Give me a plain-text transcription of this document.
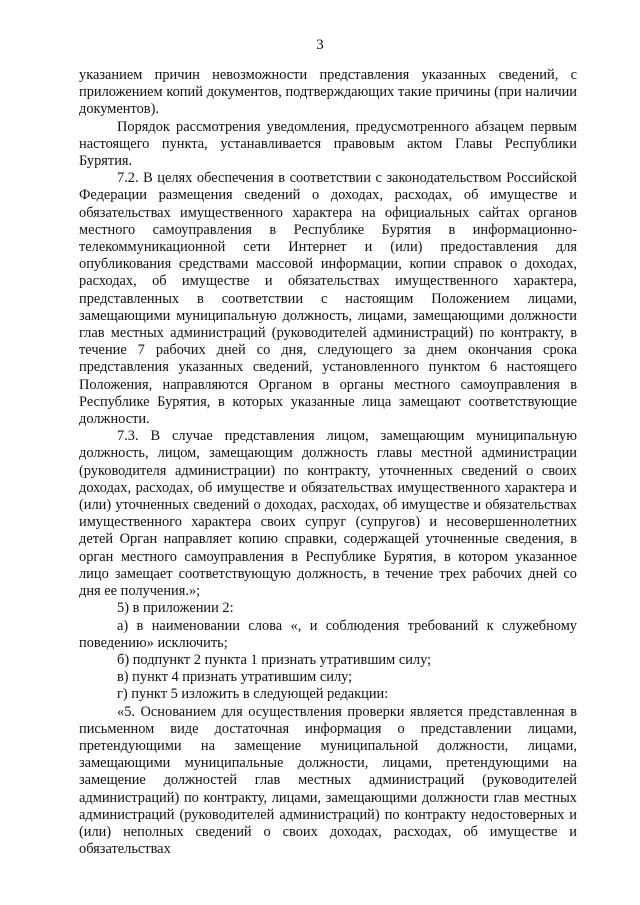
3

указанием причин невозможности представления указанных сведений, с приложением копий документов, подтверждающих такие причины (при наличии документов).

Порядок рассмотрения уведомления, предусмотренного абзацем первым настоящего пункта, устанавливается правовым актом Главы Республики Бурятия.

7.2. В целях обеспечения в соответствии с законодательством Российской Федерации размещения сведений о доходах, расходах, об имуществе и обязательствах имущественного характера на официальных сайтах органов местного самоуправления в Республике Бурятия в информационно-телекоммуникационной сети Интернет и (или) предоставления для опубликования средствами массовой информации, копии справок о доходах, расходах, об имуществе и обязательствах имущественного характера, представленных в соответствии с настоящим Положением лицами, замещающими муниципальную должность, лицами, замещающими должности глав местных администраций (руководителей администраций) по контракту, в течение 7 рабочих дней со дня, следующего за днем окончания срока представления указанных сведений, установленного пунктом 6 настоящего Положения, направляются Органом в органы местного самоуправления в Республике Бурятия, в которых указанные лица замещают соответствующие должности.

7.3. В случае представления лицом, замещающим муниципальную должность, лицом, замещающим должность главы местной администрации (руководителя администрации) по контракту, уточненных сведений о своих доходах, расходах, об имуществе и обязательствах имущественного характера и (или) уточненных сведений о доходах, расходах, об имуществе и обязательствах имущественного характера своих супруг (супругов) и несовершеннолетних детей Орган направляет копию справки, содержащей уточненные сведения, в орган местного самоуправления в Республике Бурятия, в котором указанное лицо замещает соответствующую должность, в течение трех рабочих дней со дня ее получения.»;

5) в приложении 2:

а) в наименовании слова «, и соблюдения требований к служебному поведению» исключить;

б) подпункт 2 пункта 1 признать утратившим силу;

в) пункт 4 признать утратившим силу;

г) пункт 5 изложить в следующей редакции:

«5. Основанием для осуществления проверки является представленная в письменном виде достаточная информация о представлении лицами, претендующими на замещение муниципальной должности, лицами, замещающими муниципальные должности, лицами, претендующими на замещение должностей глав местных администраций (руководителей администраций) по контракту, лицами, замещающими должности глав местных администраций (руководителей администраций) по контракту недостоверных и (или) неполных сведений о своих доходах, расходах, об имуществе и обязательствах
